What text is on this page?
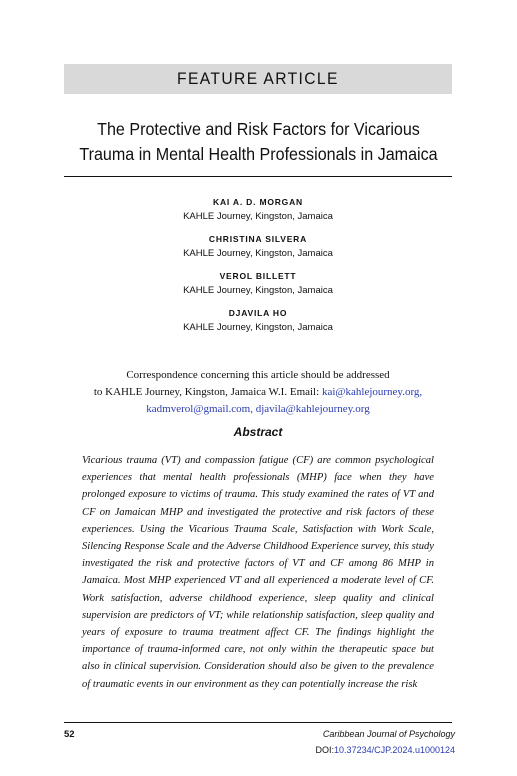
FEATURE ARTICLE
The Protective and Risk Factors for Vicarious
Trauma in Mental Health Professionals in Jamaica
KAI A. D. MORGAN
KAHLE Journey, Kingston, Jamaica
CHRISTINA SILVERA
KAHLE Journey, Kingston, Jamaica
VEROL BILLETT
KAHLE Journey, Kingston, Jamaica
DJAVILA HO
KAHLE Journey, Kingston, Jamaica
Correspondence concerning this article should be addressed
to KAHLE Journey, Kingston, Jamaica W.I. Email: kai@kahlejourney.org,
kadmverol@gmail.com, djavila@kahlejourney.org
Abstract
Vicarious trauma (VT) and compassion fatigue (CF) are common psychological experiences that mental health professionals (MHP) face when they have prolonged exposure to victims of trauma. This study examined the rates of VT and CF on Jamaican MHP and investigated the protective and risk factors of these experiences. Using the Vicarious Trauma Scale, Satisfaction with Work Scale, Silencing Response Scale and the Adverse Childhood Experience survey, this study investigated the risk and protective factors of VT and CF among 86 MHP in Jamaica. Most MHP experienced VT and all experienced a moderate level of CF. Work satisfaction, adverse childhood experience, sleep quality and clinical supervision are predictors of VT; while relationship satisfaction, sleep quality and years of exposure to trauma treatment affect CF. The findings highlight the importance of trauma-informed care, not only within the therapeutic space but also in clinical supervision. Consideration should also be given to the prevalence of traumatic events in our environment as they can potentially increase the risk
52	Caribbean Journal of Psychology
DOI:10.37234/CJP.2024.u1000124
